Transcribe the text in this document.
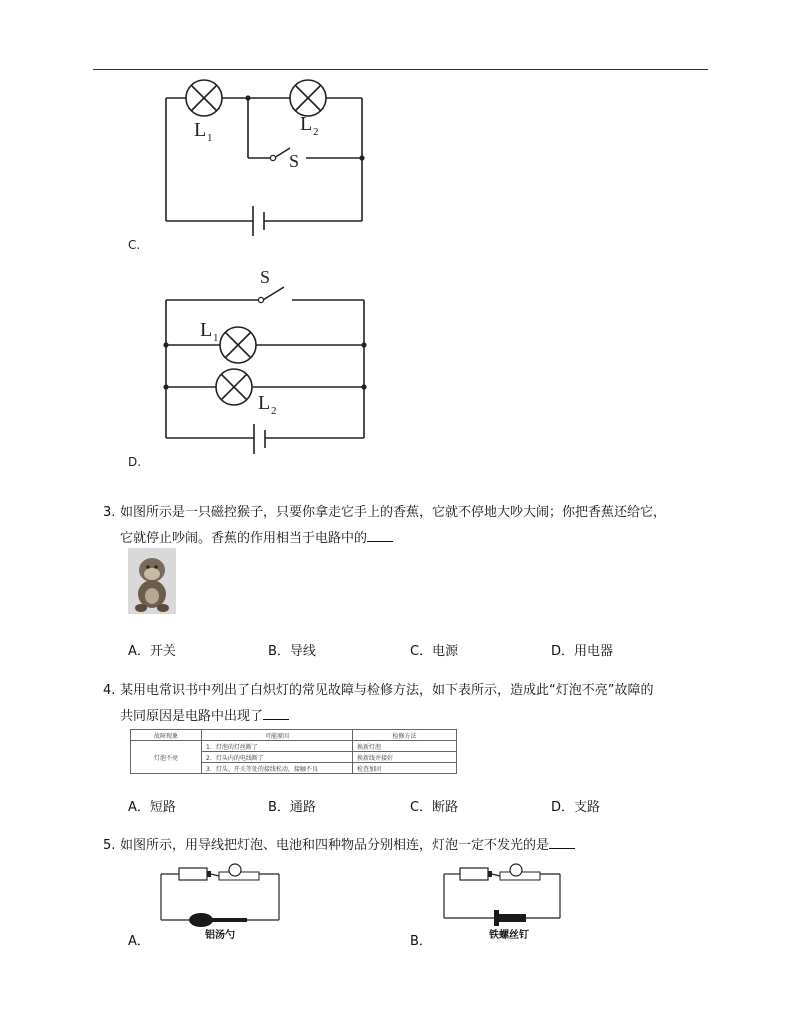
L 1
L 2
S
C.
S
L 1
L 2
D.
3. 如图所示是一只磁控猴子，只要你拿走它手上的香蕉，它就不停地大吵大闹；你把香蕉还给它，
它就停止吵闹。香蕉的作用相当于电路中的
A．开关	B．导线	C．电源	D．用电器
4. 某用电常识书中列出了白炽灯的常见故障与检修方法，如下表所示，造成此“灯泡不亮”故障的
共同原因是电路中出现了
故障现象	可能原因	检修方法
灯泡不亮	1．灯泡的灯丝断了	换新灯泡
	2．灯头内的电线断了	换新线并接好
	3．灯头、开关等处的接线松动，接触不良	检查加固
A．短路	B．通路	C．断路	D．支路
5. 如图所示，用导线把灯泡、电池和四种物品分别相连，灯泡一定不发光的是
铝汤勺
A．	铁螺丝钉
B．
